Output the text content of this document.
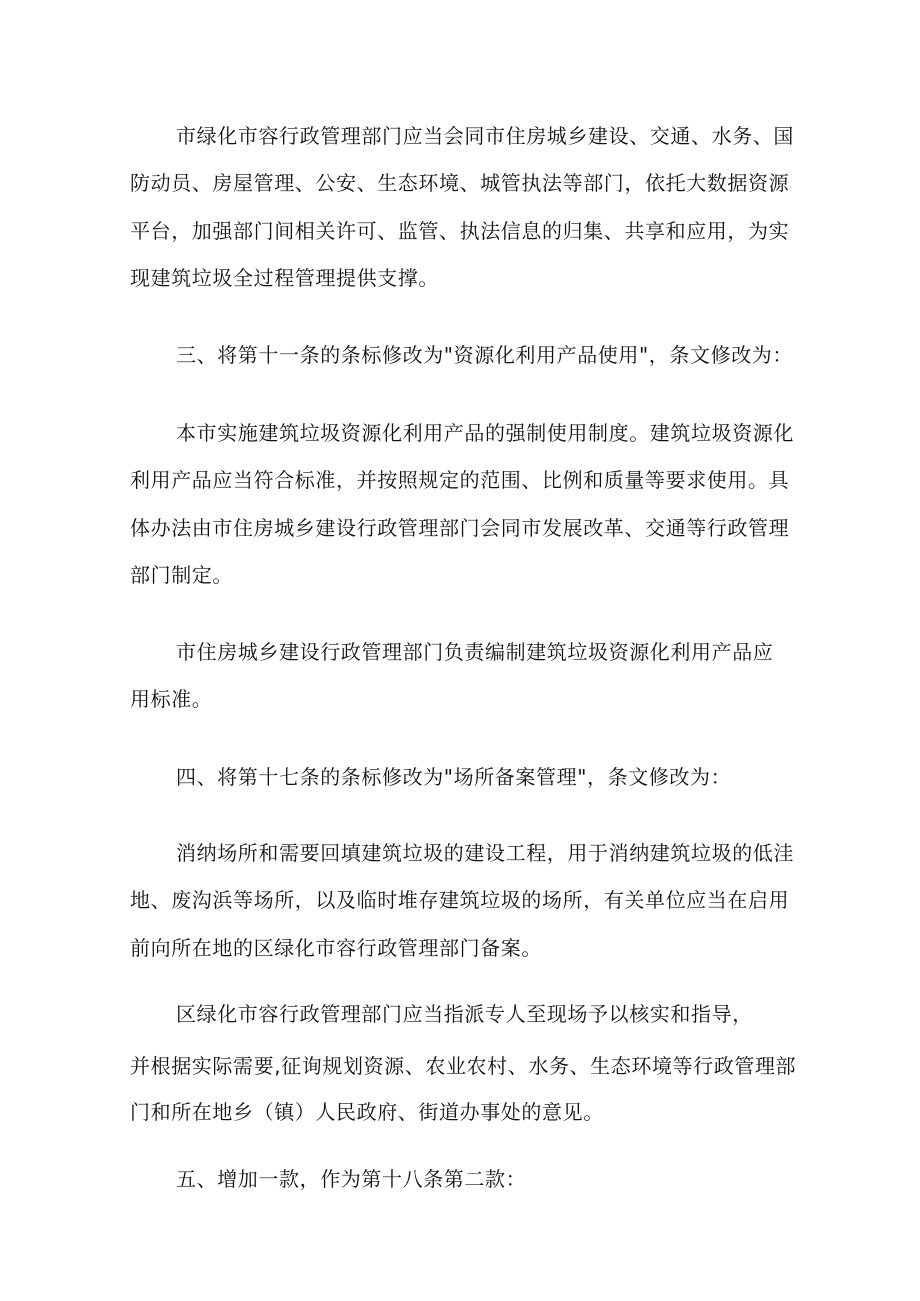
市绿化市容行政管理部门应当会同市住房城乡建设、交通、水务、国
防动员、房屋管理、公安、生态环境、城管执法等部门，依托大数据资源
平台，加强部门间相关许可、监管、执法信息的归集、共享和应用，为实
现建筑垃圾全过程管理提供支撑。
三、将第十一条的条标修改为"资源化利用产品使用"，条文修改为：
本市实施建筑垃圾资源化利用产品的强制使用制度。建筑垃圾资源化
利用产品应当符合标准，并按照规定的范围、比例和质量等要求使用。具
体办法由市住房城乡建设行政管理部门会同市发展改革、交通等行政管理
部门制定。
市住房城乡建设行政管理部门负责编制建筑垃圾资源化利用产品应
用标准。
四、将第十七条的条标修改为"场所备案管理"，条文修改为：
消纳场所和需要回填建筑垃圾的建设工程，用于消纳建筑垃圾的低洼
地、废沟浜等场所，以及临时堆存建筑垃圾的场所，有关单位应当在启用
前向所在地的区绿化市容行政管理部门备案。
区绿化市容行政管理部门应当指派专人至现场予以核实和指导，
并根据实际需要,征询规划资源、农业农村、水务、生态环境等行政管理部
门和所在地乡（镇）人民政府、街道办事处的意见。
五、增加一款，作为第十八条第二款：
